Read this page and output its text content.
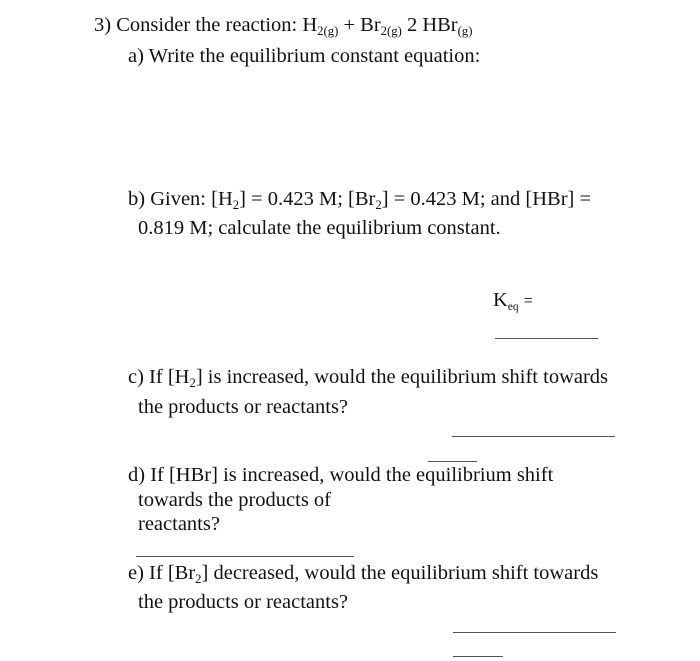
3) Consider the reaction: $H_{2(g)} + Br_{2(g)}$ 2 HBr$_{(g)}$
a) Write the equilibrium constant equation:
b) Given: $[H_2] = 0.423$ M; $[Br_2] = 0.423$ M; and [HBr] =
0.819 M; calculate the equilibrium constant.
$K_{eq}$ =
c) If $[H_2]$ is increased, would the equilibrium shift towards
the products or reactants?
d) If [HBr] is increased, would the equilibrium shift
towards the products of
reactants?
e) If $[Br_2]$ decreased, would the equilibrium shift towards
the products or reactants?
